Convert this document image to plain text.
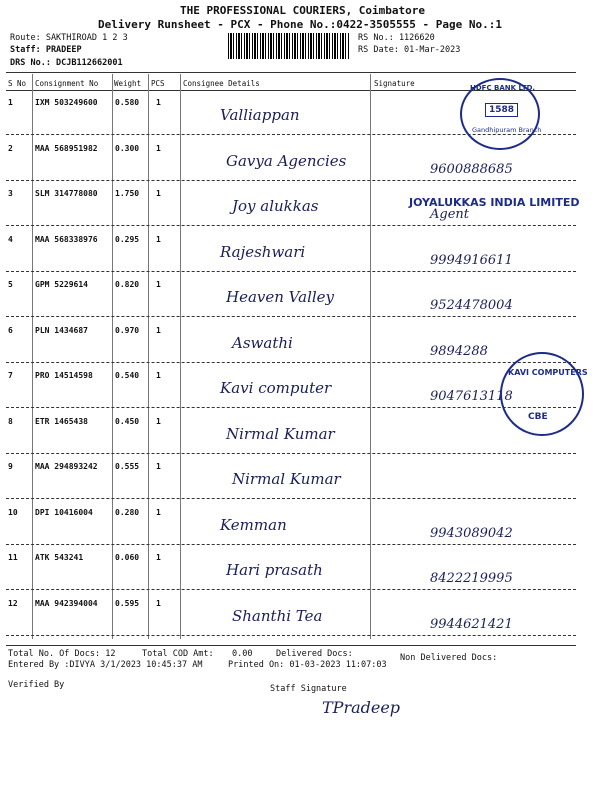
THE PROFESSIONAL COURIERS, Coimbatore
Delivery Runsheet - PCX - Phone No.:0422-3505555 - Page No.:1
Route: SAKTHIROAD 1 2 3
Staff: PRADEEP
DRS No.: DCJB112662001
RS No.: 1126620
RS Date: 01-Mar-2023
S No Consignment No Weight PCS Consignee Details	Signature
1	IXM 503249600 0.580 1
Valliappan
2	MAA 568951982 0.300 1
Gavya Agencies	9600888685
3	SLM 314778080 1.750 1
Joy alukkas	Agent
4	MAA 568338976 0.295 1
Rajeshwari	9994916611
5	GPM 5229614	0.820 1
Heaven Valley	9524478004
6	PLN 1434687	0.970 1
Aswathi	9894288
7	PRO 14514598	0.540 1
Kavi computer	9047613118
8	ETR 1465438	0.450 1
Nirmal Kumar
9	MAA 294893242 0.555 1
Nirmal Kumar
10 DPI 10416004	0.280 1
Kemman	9943089042
11 ATK 543241	0.060 1
Hari prasath	8422219995
12 MAA 942394004 0.595 1
Shanthi Tea	9944621421
HDFC BANK LTD.
1588
Gandhipuram Branch
JOYALUKKAS INDIA LIMITED
KAVI COMPUTERS
CBE
Total No. Of Docs: 12	Total COD Amt: 0.00	Delivered Docs:	Non Delivered Docs:
Entered By :DIVYA 3/1/2023 10:45:37 AM	Printed On: 01-03-2023 11:07:03
Verified By	Staff Signature
TPradeep
